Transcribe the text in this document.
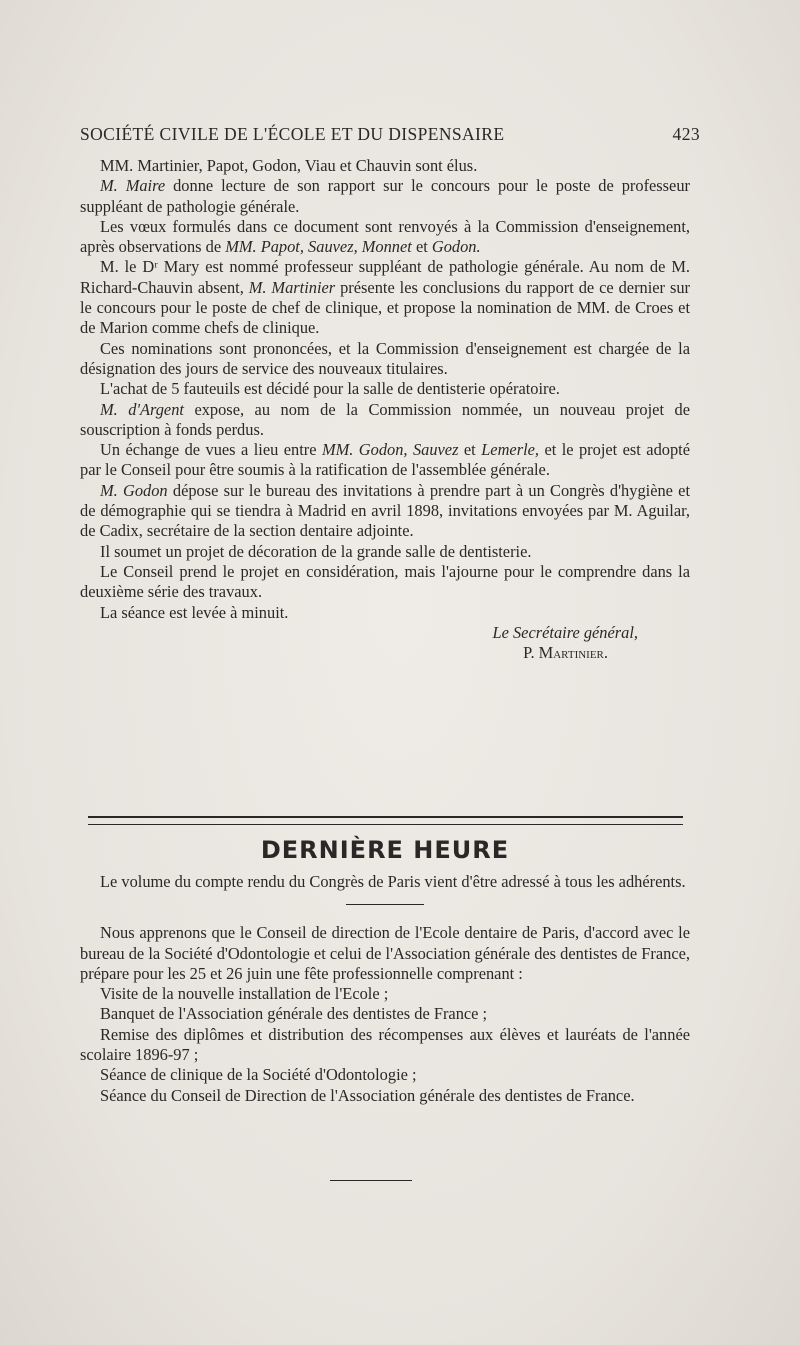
SOCIÉTÉ CIVILE DE L'ÉCOLE ET DU DISPENSAIRE	423

MM. Martinier, Papot, Godon, Viau et Chauvin sont élus.

M. Maire donne lecture de son rapport sur le concours pour le poste de professeur suppléant de pathologie générale.

Les vœux formulés dans ce document sont renvoyés à la Commission d'enseignement, après observations de MM. Papot, Sauvez, Monnet et Godon.

M. le Dʳ Mary est nommé professeur suppléant de pathologie générale. Au nom de M. Richard-Chauvin absent, M. Martinier présente les conclusions du rapport de ce dernier sur le concours pour le poste de chef de clinique, et propose la nomination de MM. de Croes et de Marion comme chefs de clinique.

Ces nominations sont prononcées, et la Commission d'enseignement est chargée de la désignation des jours de service des nouveaux titulaires.

L'achat de 5 fauteuils est décidé pour la salle de dentisterie opératoire.

M. d'Argent expose, au nom de la Commission nommée, un nouveau projet de souscription à fonds perdus.

Un échange de vues a lieu entre MM. Godon, Sauvez et Lemerle, et le projet est adopté par le Conseil pour être soumis à la ratification de l'assemblée générale.

M. Godon dépose sur le bureau des invitations à prendre part à un Congrès d'hygiène et de démographie qui se tiendra à Madrid en avril 1898, invitations envoyées par M. Aguilar, de Cadix, secrétaire de la section dentaire adjointe.

Il soumet un projet de décoration de la grande salle de dentisterie.

Le Conseil prend le projet en considération, mais l'ajourne pour le comprendre dans la deuxième série des travaux.

La séance est levée à minuit.

Le Secrétaire général,
P. Martinier.
DERNIÈRE HEURE

Le volume du compte rendu du Congrès de Paris vient d'être adressé à tous les adhérents.

Nous apprenons que le Conseil de direction de l'Ecole dentaire de Paris, d'accord avec le bureau de la Société d'Odontologie et celui de l'Association générale des dentistes de France, prépare pour les 25 et 26 juin une fête professionnelle comprenant :

Visite de la nouvelle installation de l'Ecole ;

Banquet de l'Association générale des dentistes de France ;

Remise des diplômes et distribution des récompenses aux élèves et lauréats de l'année scolaire 1896-97 ;

Séance de clinique de la Société d'Odontologie ;

Séance du Conseil de Direction de l'Association générale des dentistes de France.
